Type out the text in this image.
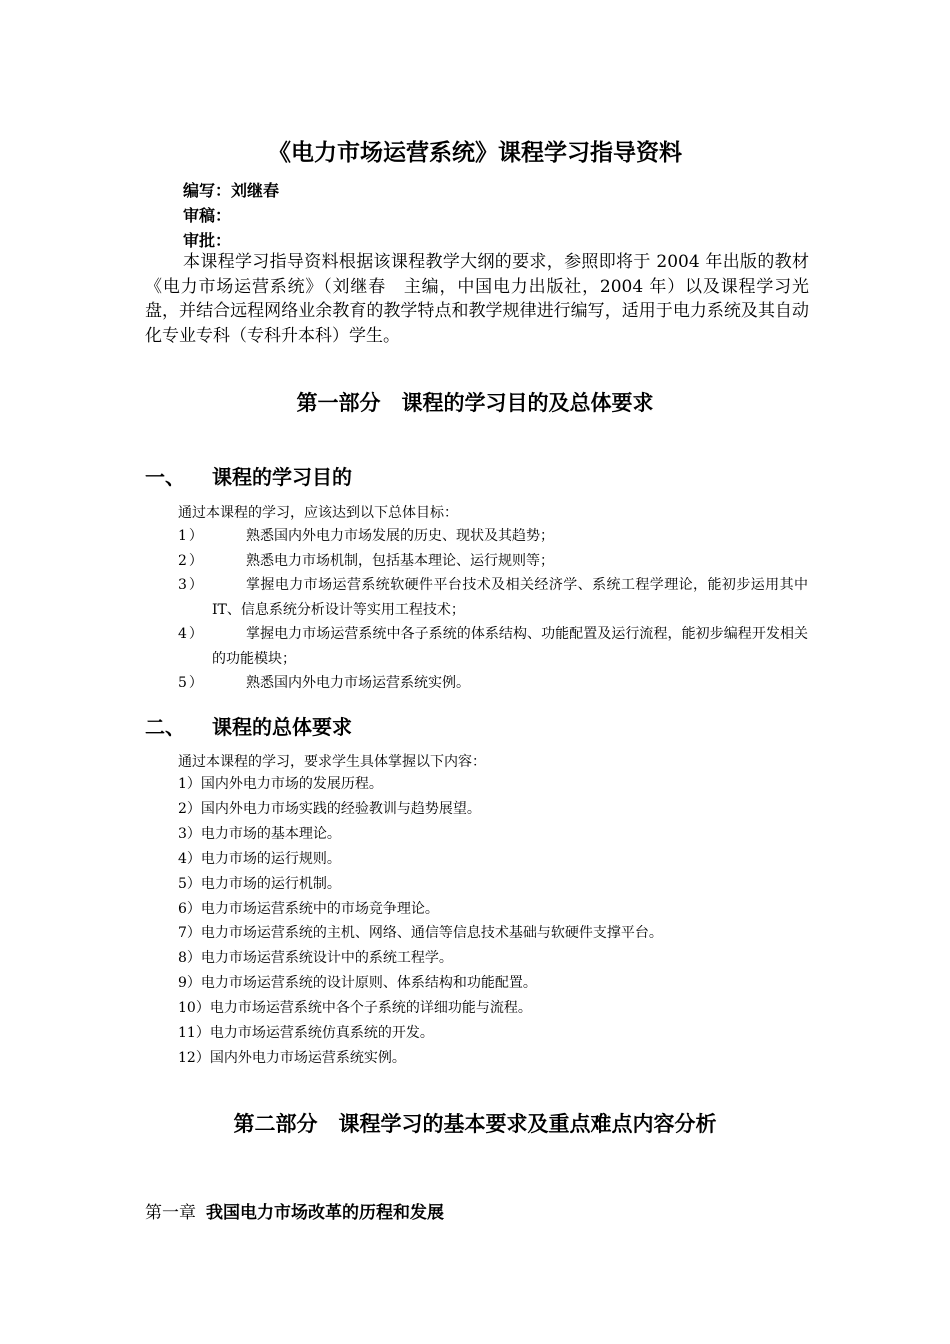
《电力市场运营系统》课程学习指导资料
编写：刘继春
审稿：
审批：

本课程学习指导资料根据该课程教学大纲的要求，参照即将于 2004 年出版的教材《电力市场运营系统》（刘继春　主编，中国电力出版社，2004 年）以及课程学习光盘，并结合远程网络业余教育的教学特点和教学规律进行编写，适用于电力系统及其自动化专业专科（专科升本科）学生。

第一部分　课程的学习目的及总体要求
一、 课程的学习目的
通过本课程的学习，应该达到以下总体目标：
1）	熟悉国内外电力市场发展的历史、现状及其趋势；
2）	熟悉电力市场机制，包括基本理论、运行规则等；
3）	掌握电力市场运营系统软硬件平台技术及相关经济学、系统工程学理论，能初步运用其中 IT、信息系统分析设计等实用工程技术；
4）	掌握电力市场运营系统中各子系统的体系结构、功能配置及运行流程，能初步编程开发相关的功能模块；
5）	熟悉国内外电力市场运营系统实例。
二、 课程的总体要求
通过本课程的学习，要求学生具体掌握以下内容：
1）国内外电力市场的发展历程。
2）国内外电力市场实践的经验教训与趋势展望。
3）电力市场的基本理论。
4）电力市场的运行规则。
5）电力市场的运行机制。
6）电力市场运营系统中的市场竞争理论。
7）电力市场运营系统的主机、网络、通信等信息技术基础与软硬件支撑平台。
8）电力市场运营系统设计中的系统工程学。
9）电力市场运营系统的设计原则、体系结构和功能配置。
10）电力市场运营系统中各个子系统的详细功能与流程。
11）电力市场运营系统仿真系统的开发。
12）国内外电力市场运营系统实例。
第二部分　课程学习的基本要求及重点难点内容分析
第一章 我国电力市场改革的历程和发展
